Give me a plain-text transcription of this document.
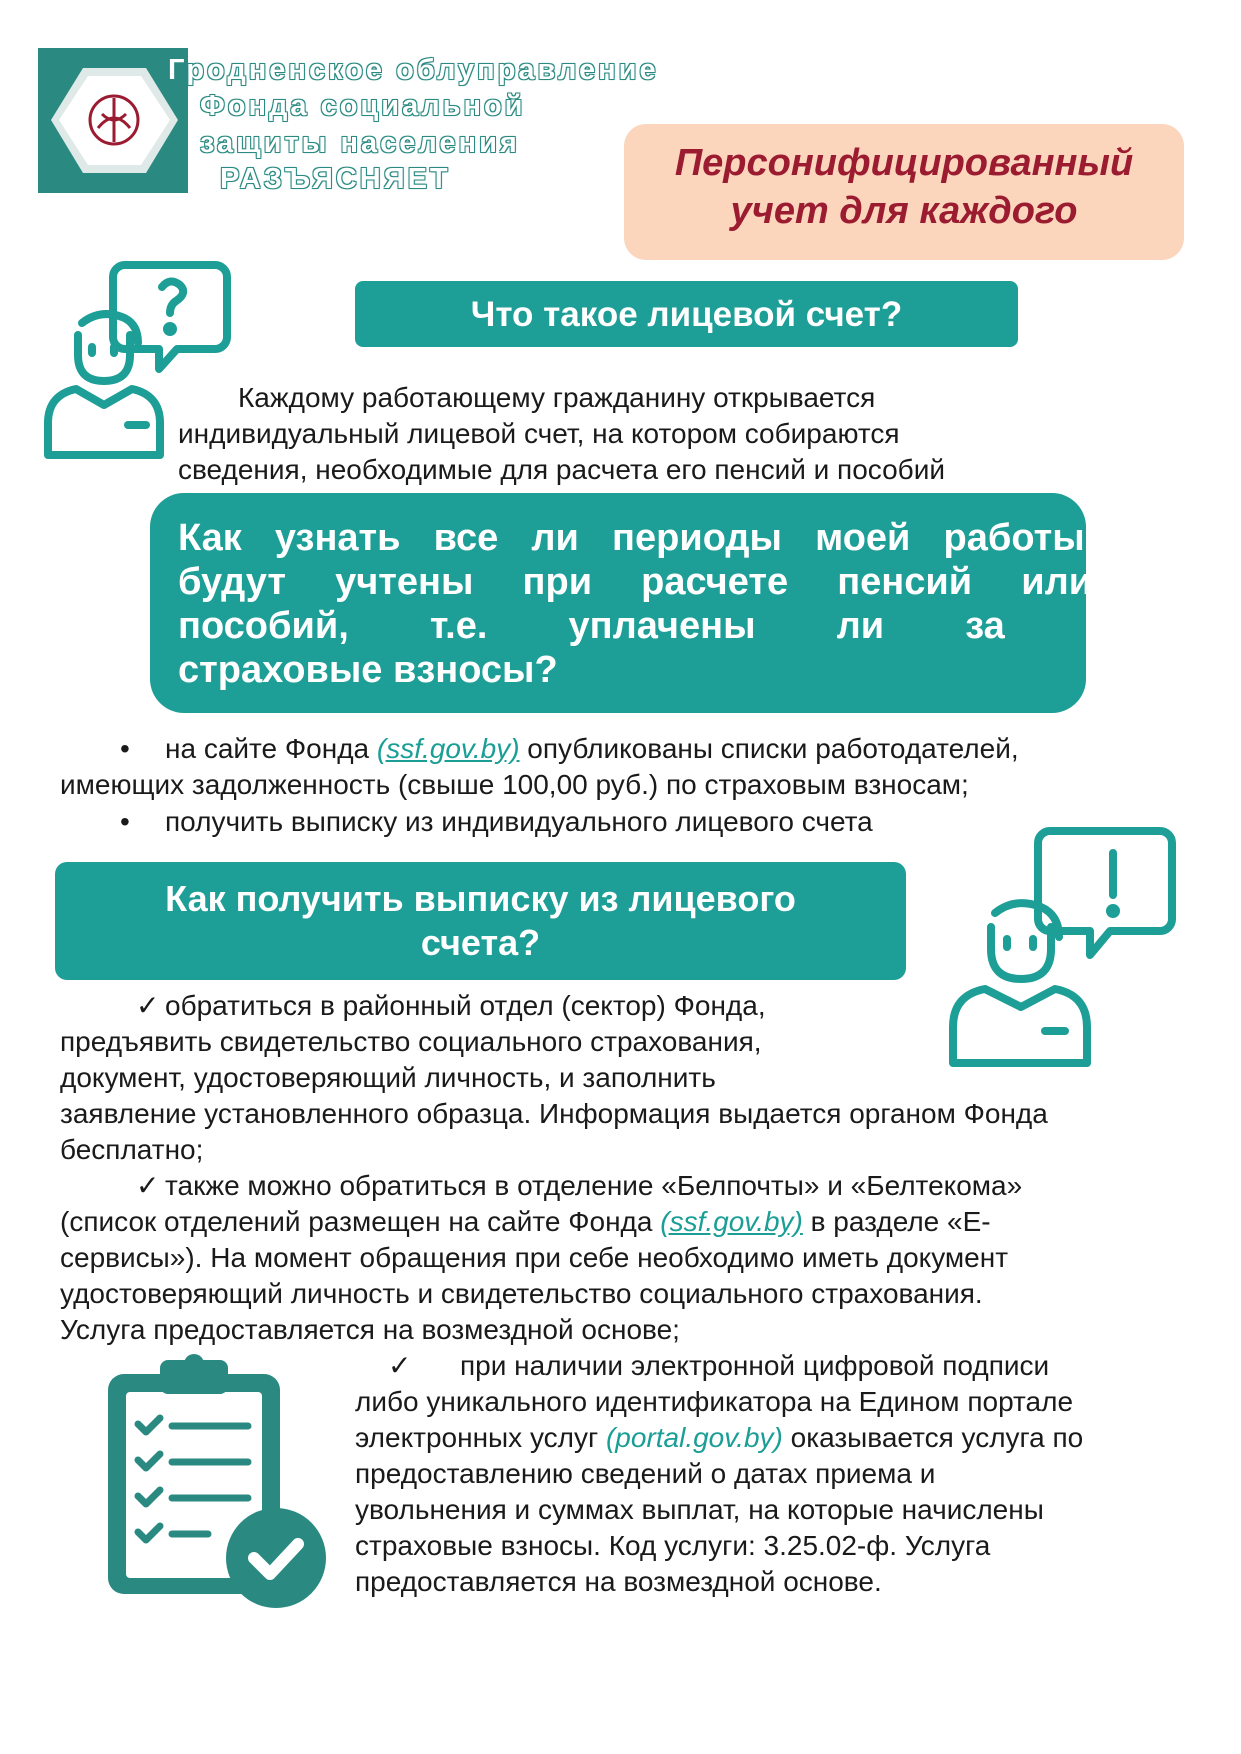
Гродненское облуправление
Фонда социальной
защиты населения
РАЗЪЯСНЯЕТ	Персонифицированный
учет для каждого
Что такое лицевой счет?
Каждому работающему гражданину открывается
индивидуальный лицевой счет, на котором собираются
сведения, необходимые для расчета его пенсий и пособий
Как  узнать  все  ли  периоды  моей  работы
будут  учтены  при  расчете  пенсий  или
пособий,  т.е.  уплачены  ли  за  меня
страховые взносы?
• на сайте Фонда (ssf.gov.by) опубликованы списки работодателей,
имеющих задолженность (свыше 100,00 руб.) по страховым взносам;
• получить выписку из индивидуального лицевого счета
Как получить выписку из лицевого
счета?
✓ обратиться в районный отдел (сектор) Фонда,
предъявить свидетельство социального страхования,
документ, удостоверяющий личность, и заполнить
заявление установленного образца. Информация выдается органом Фонда
бесплатно;
✓ также можно обратиться в отделение «Белпочты» и «Белтекома»
(список отделений размещен на сайте Фонда (ssf.gov.by) в разделе «Е-
сервисы»). На момент обращения при себе необходимо иметь документ
удостоверяющий личность и свидетельство социального страхования.
Услуга предоставляется на возмездной основе;
✓ при наличии электронной цифровой подписи
либо уникального идентификатора на Едином портале
электронных услуг (portal.gov.by) оказывается услуга по
предоставлению сведений о датах приема и
увольнения и суммах выплат, на которые начислены
страховые взносы. Код услуги: 3.25.02-ф. Услуга
предоставляется на возмездной основе.
